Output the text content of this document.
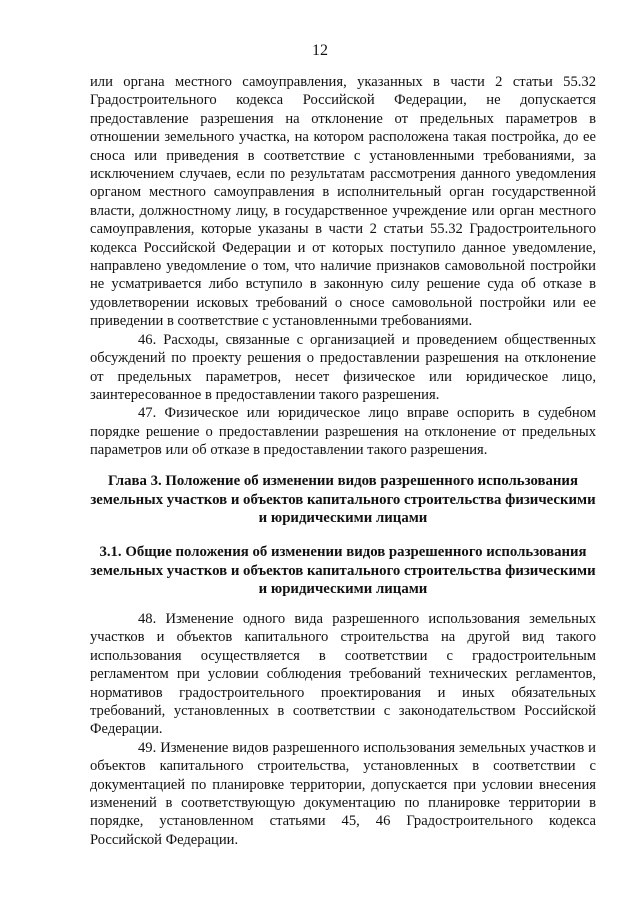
12

или органа местного самоуправления, указанных в части 2 статьи 55.32 Градостроительного кодекса Российской Федерации, не допускается предоставление разрешения на отклонение от предельных параметров в отношении земельного участка, на котором расположена такая постройка, до ее сноса или приведения в соответствие с установленными требованиями, за исключением случаев, если по результатам рассмотрения данного уведомления органом местного самоуправления в исполнительный орган государственной власти, должностному лицу, в государственное учреждение или орган местного самоуправления, которые указаны в части 2 статьи 55.32 Градостроительного кодекса Российской Федерации и от которых поступило данное уведомление, направлено уведомление о том, что наличие признаков самовольной постройки не усматривается либо вступило в законную силу решение суда об отказе в удовлетворении исковых требований о сносе самовольной постройки или ее приведении в соответствие с установленными требованиями.

46. Расходы, связанные с организацией и проведением общественных обсуждений по проекту решения о предоставлении разрешения на отклонение от предельных параметров, несет физическое или юридическое лицо, заинтересованное в предоставлении такого разрешения.

47. Физическое или юридическое лицо вправе оспорить в судебном порядке решение о предоставлении разрешения на отклонение от предельных параметров или об отказе в предоставлении такого разрешения.

Глава 3. Положение об изменении видов разрешенного использования земельных участков и объектов капитального строительства физическими и юридическими лицами

3.1. Общие положения об изменении видов разрешенного использования земельных участков и объектов капитального строительства физическими и юридическими лицами

48. Изменение одного вида разрешенного использования земельных участков и объектов капитального строительства на другой вид такого использования осуществляется в соответствии с градостроительным регламентом при условии соблюдения требований технических регламентов, нормативов градостроительного проектирования и иных обязательных требований, установленных в соответствии с законодательством Российской Федерации.

49. Изменение видов разрешенного использования земельных участков и объектов капитального строительства, установленных в соответствии с документацией по планировке территории, допускается при условии внесения изменений в соответствующую документацию по планировке территории в порядке, установленном статьями 45, 46 Градостроительного кодекса Российской Федерации.
